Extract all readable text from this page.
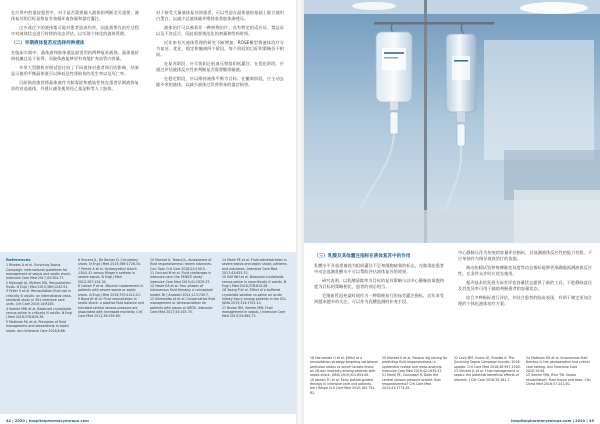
在应用中的重症患者中，对于是否需要输入液体的判断至关重要，液体复苏的目标是恢复有效循环血容量和器官灌注。

过多或过少的液体都可能对患者造成伤害，因此需要在治疗过程中对液体状态进行持续的动态评估，以实现个体化的液体管理。

（二）早期液体复苏应选择何种液体

在临床实践中，晶体液和胶体液是最常用的两种复苏液体。晶体液价格低廉且易于获得，而胶体液能够更有效地扩充血管内容量。

多项大型随机对照试验比较了不同液体对患者预后的影响，结果显示使用平衡晶体液可以降低急性肾损伤的发生率以及死亡率。

目前指南推荐将晶体液作为脓毒症和感染性休克患者早期液体复苏的首选液体，并建议避免使用羟乙基淀粉等人工胶体。

对于接受大量液体复苏的患者，可以考虑在晶体液的基础上联合使用白蛋白，以减少总液体量并维持血浆胶体渗透压。

液体治疗可以被看作一种药物治疗，具有特定的适应证、禁忌证以及不良反应，因此需要规范化的剂量和给药时间。

近年来有关液体管理的研究不断增加，ROSE模型将液体治疗分为复苏、优化、稳定和撤离四个阶段，每个阶段的目标和策略各不相同。

在复苏阶段，应尽快纠正低血压和组织低灌注；在优化阶段，应通过评估液体反应性来判断是否需要继续输液。

在稳定阶段，应以维持液体平衡为目标；在撤离阶段，应主动去除多余的液体，以减少液体过负荷带来的器官损害。

References

1 Rhodes A et al. Surviving Sepsis Campaign: international guidelines for management of sepsis and septic shock. Intensive Care Med 2017;43:304-77.

2 Myburgh JA, Mythen MG. Resuscitation fluids. N Engl J Med 2013;369:1243-51.

3 Finfer S et al. Resuscitation fluid use in critically ill adults: an international cross-sectional study in 391 intensive care units. Crit Care 2010;14:R185.

4 Semler MW et al. Balanced crystalloids versus saline in critically ill adults. N Engl J Med 2018;378:829-39.

5 Malbrain ML et al. Principles of fluid management and stewardship in septic shock. Ann Intensive Care 2018;8:66.

6 Vincent JL, De Backer D. Circulatory shock. N Engl J Med 2013;369:1726-34.

7 Perner A et al. Hydroxyethyl starch 130/0.42 versus Ringer's acetate in severe sepsis. N Engl J Med 2012;367:124-34.

8 Caironi P et al. Albumin replacement in patients with severe sepsis or septic shock. N Engl J Med 2014;370:1412-21.

9 Boyd JH et al. Fluid resuscitation in septic shock: a positive fluid balance and elevated central venous pressure are associated with increased mortality. Crit Care Med 2011;39:259-65.

10 Monnet X, Teboul JL. Assessment of fluid responsiveness: recent advances. Curr Opin Crit Care 2018;24:190-5.

11 Cecconi M et al. Fluid challenges in intensive care: the FENICE study. Intensive Care Med 2015;41:1529-37.

12 Hoste EA et al. Four phases of intravenous fluid therapy: a conceptual model. Br J Anaesth 2014;113:740-7.

13 Silversides JA et al. Conservative fluid management or deresuscitation for patients with sepsis or ARDS. Intensive Care Med 2017;43:155-70.

14 Marik PE et al. Fluid administration in severe sepsis and septic shock, patterns and outcomes. Intensive Care Med 2017;43:625-32.

15 Self WH et al. Balanced crystalloids versus saline in noncritically ill adults. N Engl J Med 2018;378:819-28.

16 Young P et al. Effect of a buffered crystalloid solution vs saline on acute kidney injury among patients in the ICU. JAMA 2015;314:1701-10.

17 Brown RM, Semler MW. Fluid management in sepsis. J Intensive Care Med 2019;34:364-73.

44 | 2020 | hospitalpharmacyeurope.com
（三）乳酸及其他灌注指标在液体复苏中的作用

乳酸水平升高常被视为组织灌注不足和细胞缺氧的标志，在脓毒症患者中动态监测乳酸水平可以帮助评估液体复苏的效果。

研究表明，以乳酸清除率为目标的复苏策略与以中心静脉血氧饱和度为目标的策略相比，患者的预后相当。

毛细血管再充盈时间作为一种简便易行的床旁灌注指标，近年来受到越来越多的关注，可以作为乳酸监测的补充手段。

中心静脉压作为传统的容量评估指标，其预测液体反应性的能力有限，不应单独作为指导液体治疗的依据。

被动抬腿试验和每搏量变异度等动态指标能够更准确地预测液体反应性，在条件允许时应优先使用。

超声技术的发展为床旁评估容量状态提供了新的工具，下腔静脉直径及其变异率可用于辅助判断患者的容量状态。

综合多种指标进行评估，并结合患者的临床表现，有助于制定更加合理的个体化液体治疗方案。

18 Hernandez G et al. Effect of a resuscitation strategy targeting peripheral perfusion status vs serum lactate levels on 28-day mortality among patients with septic shock. JAMA 2019;321:654-64.

19 Jansen TC et al. Early lactate-guided therapy in intensive care unit patients. Am J Respir Crit Care Med 2010;182:752-61.

20 Monnet X et al. Passive leg raising for predicting fluid responsiveness: a systematic review and meta-analysis. Intensive Care Med 2016;42:1935-47.

21 Marik PE, Cavallazzi R. Does the central venous pressure predict fluid responsiveness? Crit Care Med 2013;41:1774-81.

22 Levy MM, Evans LE, Rhodes A. The Surviving Sepsis Campaign bundle: 2018 update. Crit Care Med 2018;46:997-1000.

23 Vincent JL et al. Fluid management in sepsis: the potential beneficial effects of albumin. J Crit Care 2016;35:161-7.

24 Malbrain ML et al. Intravenous fluid therapy in the perioperative and critical care setting. Ann Intensive Care 2020;10:64.

25 Semler MW, Rice TW. Sepsis resuscitation: fluid choice and dose. Clin Chest Med 2016;37:241-50.

hospitalpharmacyeurope.com | 2020 | 45
